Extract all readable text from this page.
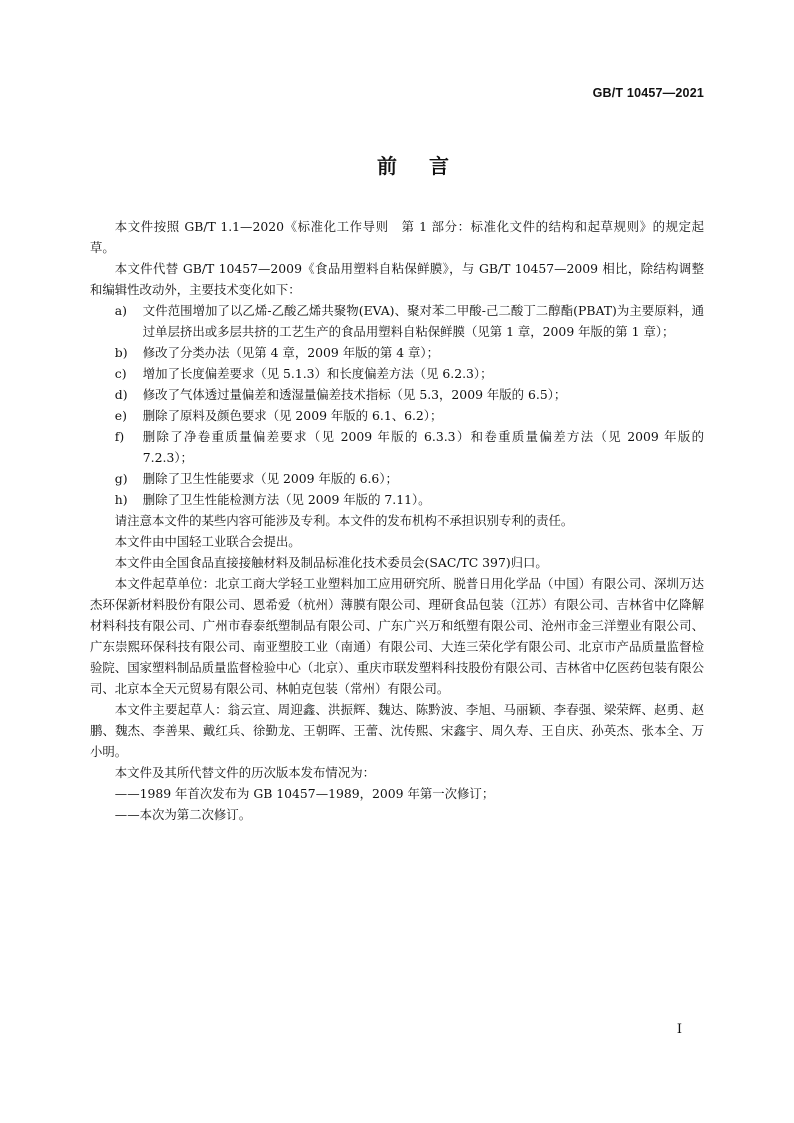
GB/T 10457—2021
前言

本文件按照 GB/T 1.1—2020《标准化工作导则　第 1 部分：标准化文件的结构和起草规则》的规定起草。

本文件代替 GB/T 10457—2009《食品用塑料自粘保鲜膜》，与 GB/T 10457—2009 相比，除结构调整和编辑性改动外，主要技术变化如下：

a)	文件范围增加了以乙烯-乙酸乙烯共聚物(EVA)、聚对苯二甲酸-己二酸丁二醇酯(PBAT)为主要原料，通过单层挤出或多层共挤的工艺生产的食品用塑料自粘保鲜膜（见第 1 章，2009 年版的第 1 章）；
b)	修改了分类办法（见第 4 章，2009 年版的第 4 章）；
c)	增加了长度偏差要求（见 5.1.3）和长度偏差方法（见 6.2.3）；
d)	修改了气体透过量偏差和透湿量偏差技术指标（见 5.3，2009 年版的 6.5）；
e)	删除了原料及颜色要求（见 2009 年版的 6.1、6.2）；
f)	删除了净卷重质量偏差要求（见 2009 年版的 6.3.3）和卷重质量偏差方法（见 2009 年版的 7.2.3）；
g)	删除了卫生性能要求（见 2009 年版的 6.6）；
h)	删除了卫生性能检测方法（见 2009 年版的 7.11）。

请注意本文件的某些内容可能涉及专利。本文件的发布机构不承担识别专利的责任。

本文件由中国轻工业联合会提出。

本文件由全国食品直接接触材料及制品标准化技术委员会(SAC/TC 397)归口。

本文件起草单位：北京工商大学轻工业塑料加工应用研究所、脱普日用化学品（中国）有限公司、深圳万达杰环保新材料股份有限公司、恩希爱（杭州）薄膜有限公司、理研食品包装（江苏）有限公司、吉林省中亿降解材料科技有限公司、广州市春泰纸塑制品有限公司、广东广兴万和纸塑有限公司、沧州市金三洋塑业有限公司、广东崇熙环保科技有限公司、南亚塑胶工业（南通）有限公司、大连三荣化学有限公司、北京市产品质量监督检验院、国家塑料制品质量监督检验中心（北京）、重庆市联发塑料科技股份有限公司、吉林省中亿医药包装有限公司、北京本全天元贸易有限公司、林帕克包装（常州）有限公司。

本文件主要起草人：翁云宣、周迎鑫、洪振辉、魏达、陈黔波、李旭、马丽颖、李春强、梁荣辉、赵勇、赵鹏、魏杰、李善果、戴红兵、徐勤龙、王朝晖、王蕾、沈传熙、宋鑫宇、周久寿、王自庆、孙英杰、张本全、万小明。

本文件及其所代替文件的历次版本发布情况为：

——1989 年首次发布为 GB 10457—1989，2009 年第一次修订；

——本次为第二次修订。

I
